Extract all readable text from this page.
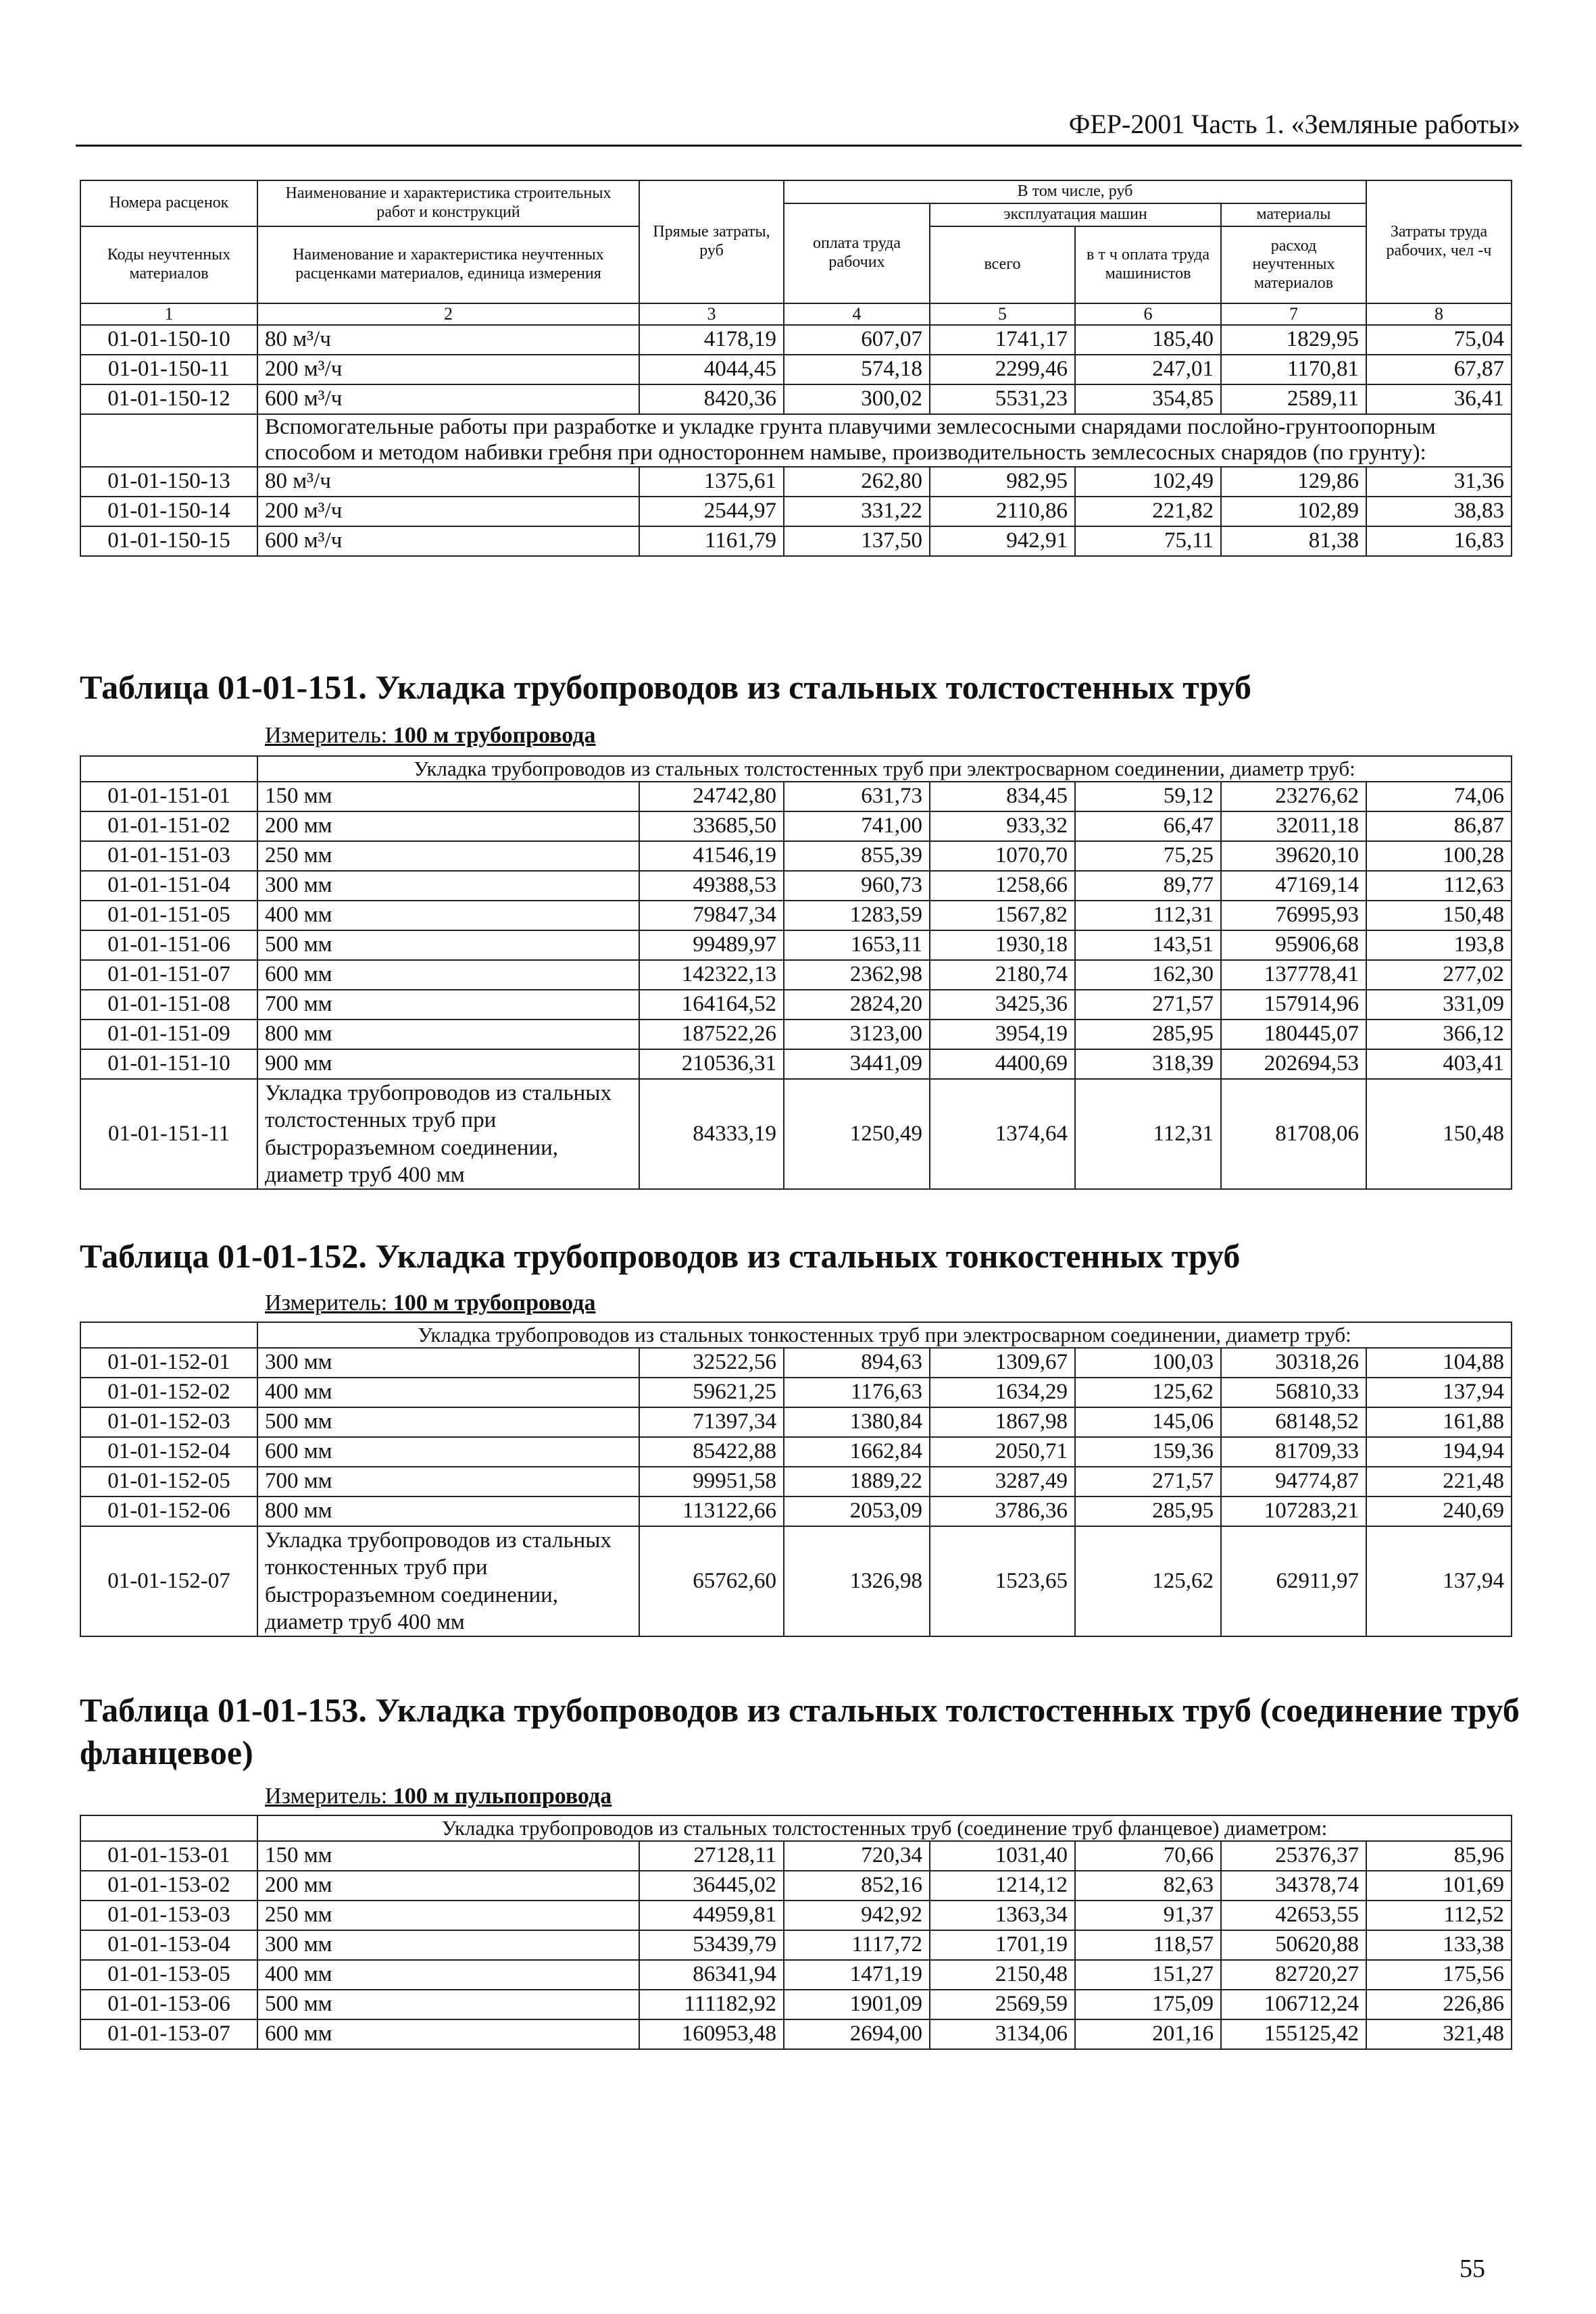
ФЕР-2001 Часть 1. «Земляные работы»
Номера расценок	Наименование и характеристика строительных работ и конструкций	Прямые затраты, руб	В том числе, руб				Затраты труда рабочих, чел -ч
			оплата труда рабочих	эксплуатация машин		материалы	
Коды неучтенных материалов	Наименование и характеристика неучтенных расценками материалов, единица измерения			всего	в т ч оплата труда машинистов	расход неучтенных материалов	

1	2	3	4	5	6	7	8
01-01-150-10	80 м³/ч	4178,19	607,07	1741,17	185,40	1829,95	75,04
01-01-150-11	200 м³/ч	4044,45	574,18	2299,46	247,01	1170,81	67,87
01-01-150-12	600 м³/ч	8420,36	300,02	5531,23	354,85	2589,11	36,41
	Вспомогательные работы при разработке и укладке грунта плавучими землесосными снарядами послойно-грунтоопорным способом и методом набивки гребня при одностороннем намыве, производительность землесосных снарядов (по грунту):						
01-01-150-13	80 м³/ч	1375,61	262,80	982,95	102,49	129,86	31,36
01-01-150-14	200 м³/ч	2544,97	331,22	2110,86	221,82	102,89	38,83
01-01-150-15	600 м³/ч	1161,79	137,50	942,91	75,11	81,38	16,83
Таблица 01-01-151. Укладка трубопроводов из стальных толстостенных труб
Измеритель: 100 м трубопровода
	Укладка трубопроводов из стальных толстостенных труб при электросварном соединении, диаметр труб:						
01-01-151-01	150 мм	24742,80	631,73	834,45	59,12	23276,62	74,06
01-01-151-02	200 мм	33685,50	741,00	933,32	66,47	32011,18	86,87
01-01-151-03	250 мм	41546,19	855,39	1070,70	75,25	39620,10	100,28
01-01-151-04	300 мм	49388,53	960,73	1258,66	89,77	47169,14	112,63
01-01-151-05	400 мм	79847,34	1283,59	1567,82	112,31	76995,93	150,48
01-01-151-06	500 мм	99489,97	1653,11	1930,18	143,51	95906,68	193,8
01-01-151-07	600 мм	142322,13	2362,98	2180,74	162,30	137778,41	277,02
01-01-151-08	700 мм	164164,52	2824,20	3425,36	271,57	157914,96	331,09
01-01-151-09	800 мм	187522,26	3123,00	3954,19	285,95	180445,07	366,12
01-01-151-10	900 мм	210536,31	3441,09	4400,69	318,39	202694,53	403,41
01-01-151-11	Укладка трубопроводов из стальных толстостенных труб при быстроразъемном соединении, диаметр труб 400 мм	84333,19	1250,49	1374,64	112,31	81708,06	150,48
Таблица 01-01-152. Укладка трубопроводов из стальных тонкостенных труб
Измеритель: 100 м трубопровода
	Укладка трубопроводов из стальных тонкостенных труб при электросварном соединении, диаметр труб:						
01-01-152-01	300 мм	32522,56	894,63	1309,67	100,03	30318,26	104,88
01-01-152-02	400 мм	59621,25	1176,63	1634,29	125,62	56810,33	137,94
01-01-152-03	500 мм	71397,34	1380,84	1867,98	145,06	68148,52	161,88
01-01-152-04	600 мм	85422,88	1662,84	2050,71	159,36	81709,33	194,94
01-01-152-05	700 мм	99951,58	1889,22	3287,49	271,57	94774,87	221,48
01-01-152-06	800 мм	113122,66	2053,09	3786,36	285,95	107283,21	240,69
01-01-152-07	Укладка трубопроводов из стальных тонкостенных труб при быстроразъемном соединении, диаметр труб 400 мм	65762,60	1326,98	1523,65	125,62	62911,97	137,94
Таблица 01-01-153. Укладка трубопроводов из стальных толстостенных труб (соединение труб фланцевое)
Измеритель: 100 м пульпопровода
	Укладка трубопроводов из стальных толстостенных труб (соединение труб фланцевое) диаметром:						
01-01-153-01	150 мм	27128,11	720,34	1031,40	70,66	25376,37	85,96
01-01-153-02	200 мм	36445,02	852,16	1214,12	82,63	34378,74	101,69
01-01-153-03	250 мм	44959,81	942,92	1363,34	91,37	42653,55	112,52
01-01-153-04	300 мм	53439,79	1117,72	1701,19	118,57	50620,88	133,38
01-01-153-05	400 мм	86341,94	1471,19	2150,48	151,27	82720,27	175,56
01-01-153-06	500 мм	111182,92	1901,09	2569,59	175,09	106712,24	226,86
01-01-153-07	600 мм	160953,48	2694,00	3134,06	201,16	155125,42	321,48
55
